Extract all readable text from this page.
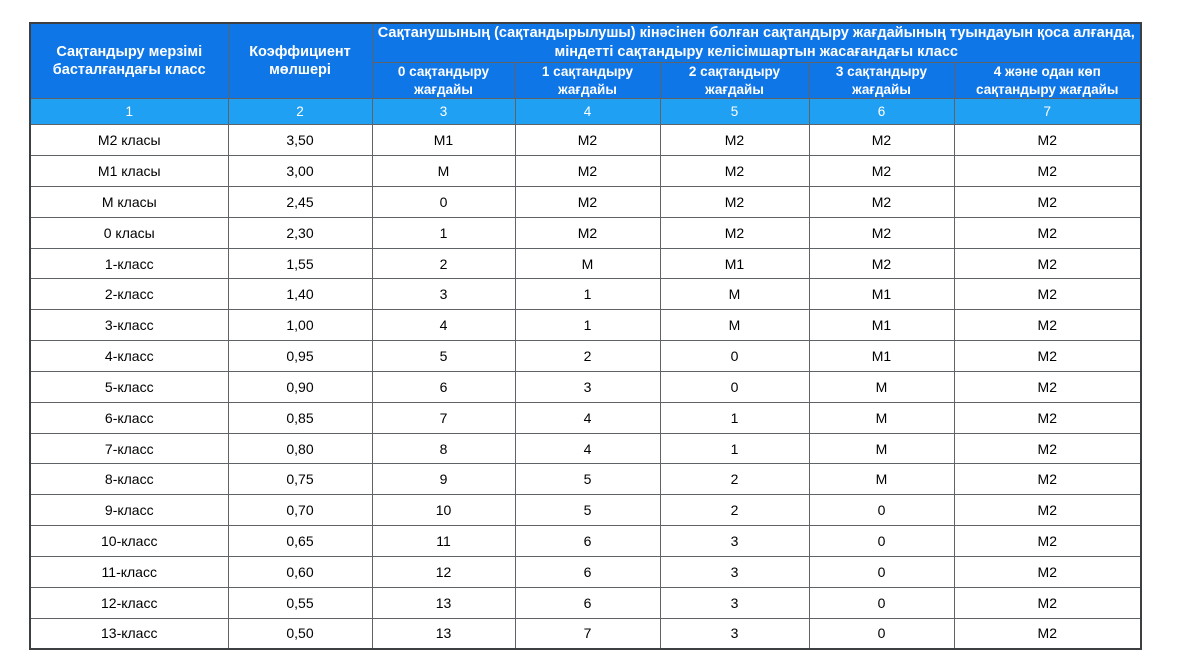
Сақтандыру мерзімі басталғандағы класс	Коэффициент мөлшері	Сақтанушының (сақтандырылушы) кінәсінен болған сақтандыру жағдайының туындауын қоса алғанда, міндетті сақтандыру келісімшартын жасағандағы класс				
		0 сақтандыру жағдайы	1 сақтандыру жағдайы	2 сақтандыру жағдайы	3 сақтандыру жағдайы	4 және одан көп сақтандыру жағдайы
1	2	3	4	5	6	7
М2 класы	3,50	М1	М2	М2	М2	М2
М1 класы	3,00	М	М2	М2	М2	М2
М класы	2,45	0	М2	М2	М2	М2
0 класы	2,30	1	М2	М2	М2	М2
1-класс	1,55	2	М	М1	М2	М2
2-класс	1,40	3	1	М	М1	М2
3-класс	1,00	4	1	М	М1	М2
4-класс	0,95	5	2	0	М1	М2
5-класс	0,90	6	3	0	М	М2
6-класс	0,85	7	4	1	М	М2
7-класс	0,80	8	4	1	М	М2
8-класс	0,75	9	5	2	М	М2
9-класс	0,70	10	5	2	0	М2
10-класс	0,65	11	6	3	0	М2
11-класс	0,60	12	6	3	0	М2
12-класс	0,55	13	6	3	0	М2
13-класс	0,50	13	7	3	0	М2
